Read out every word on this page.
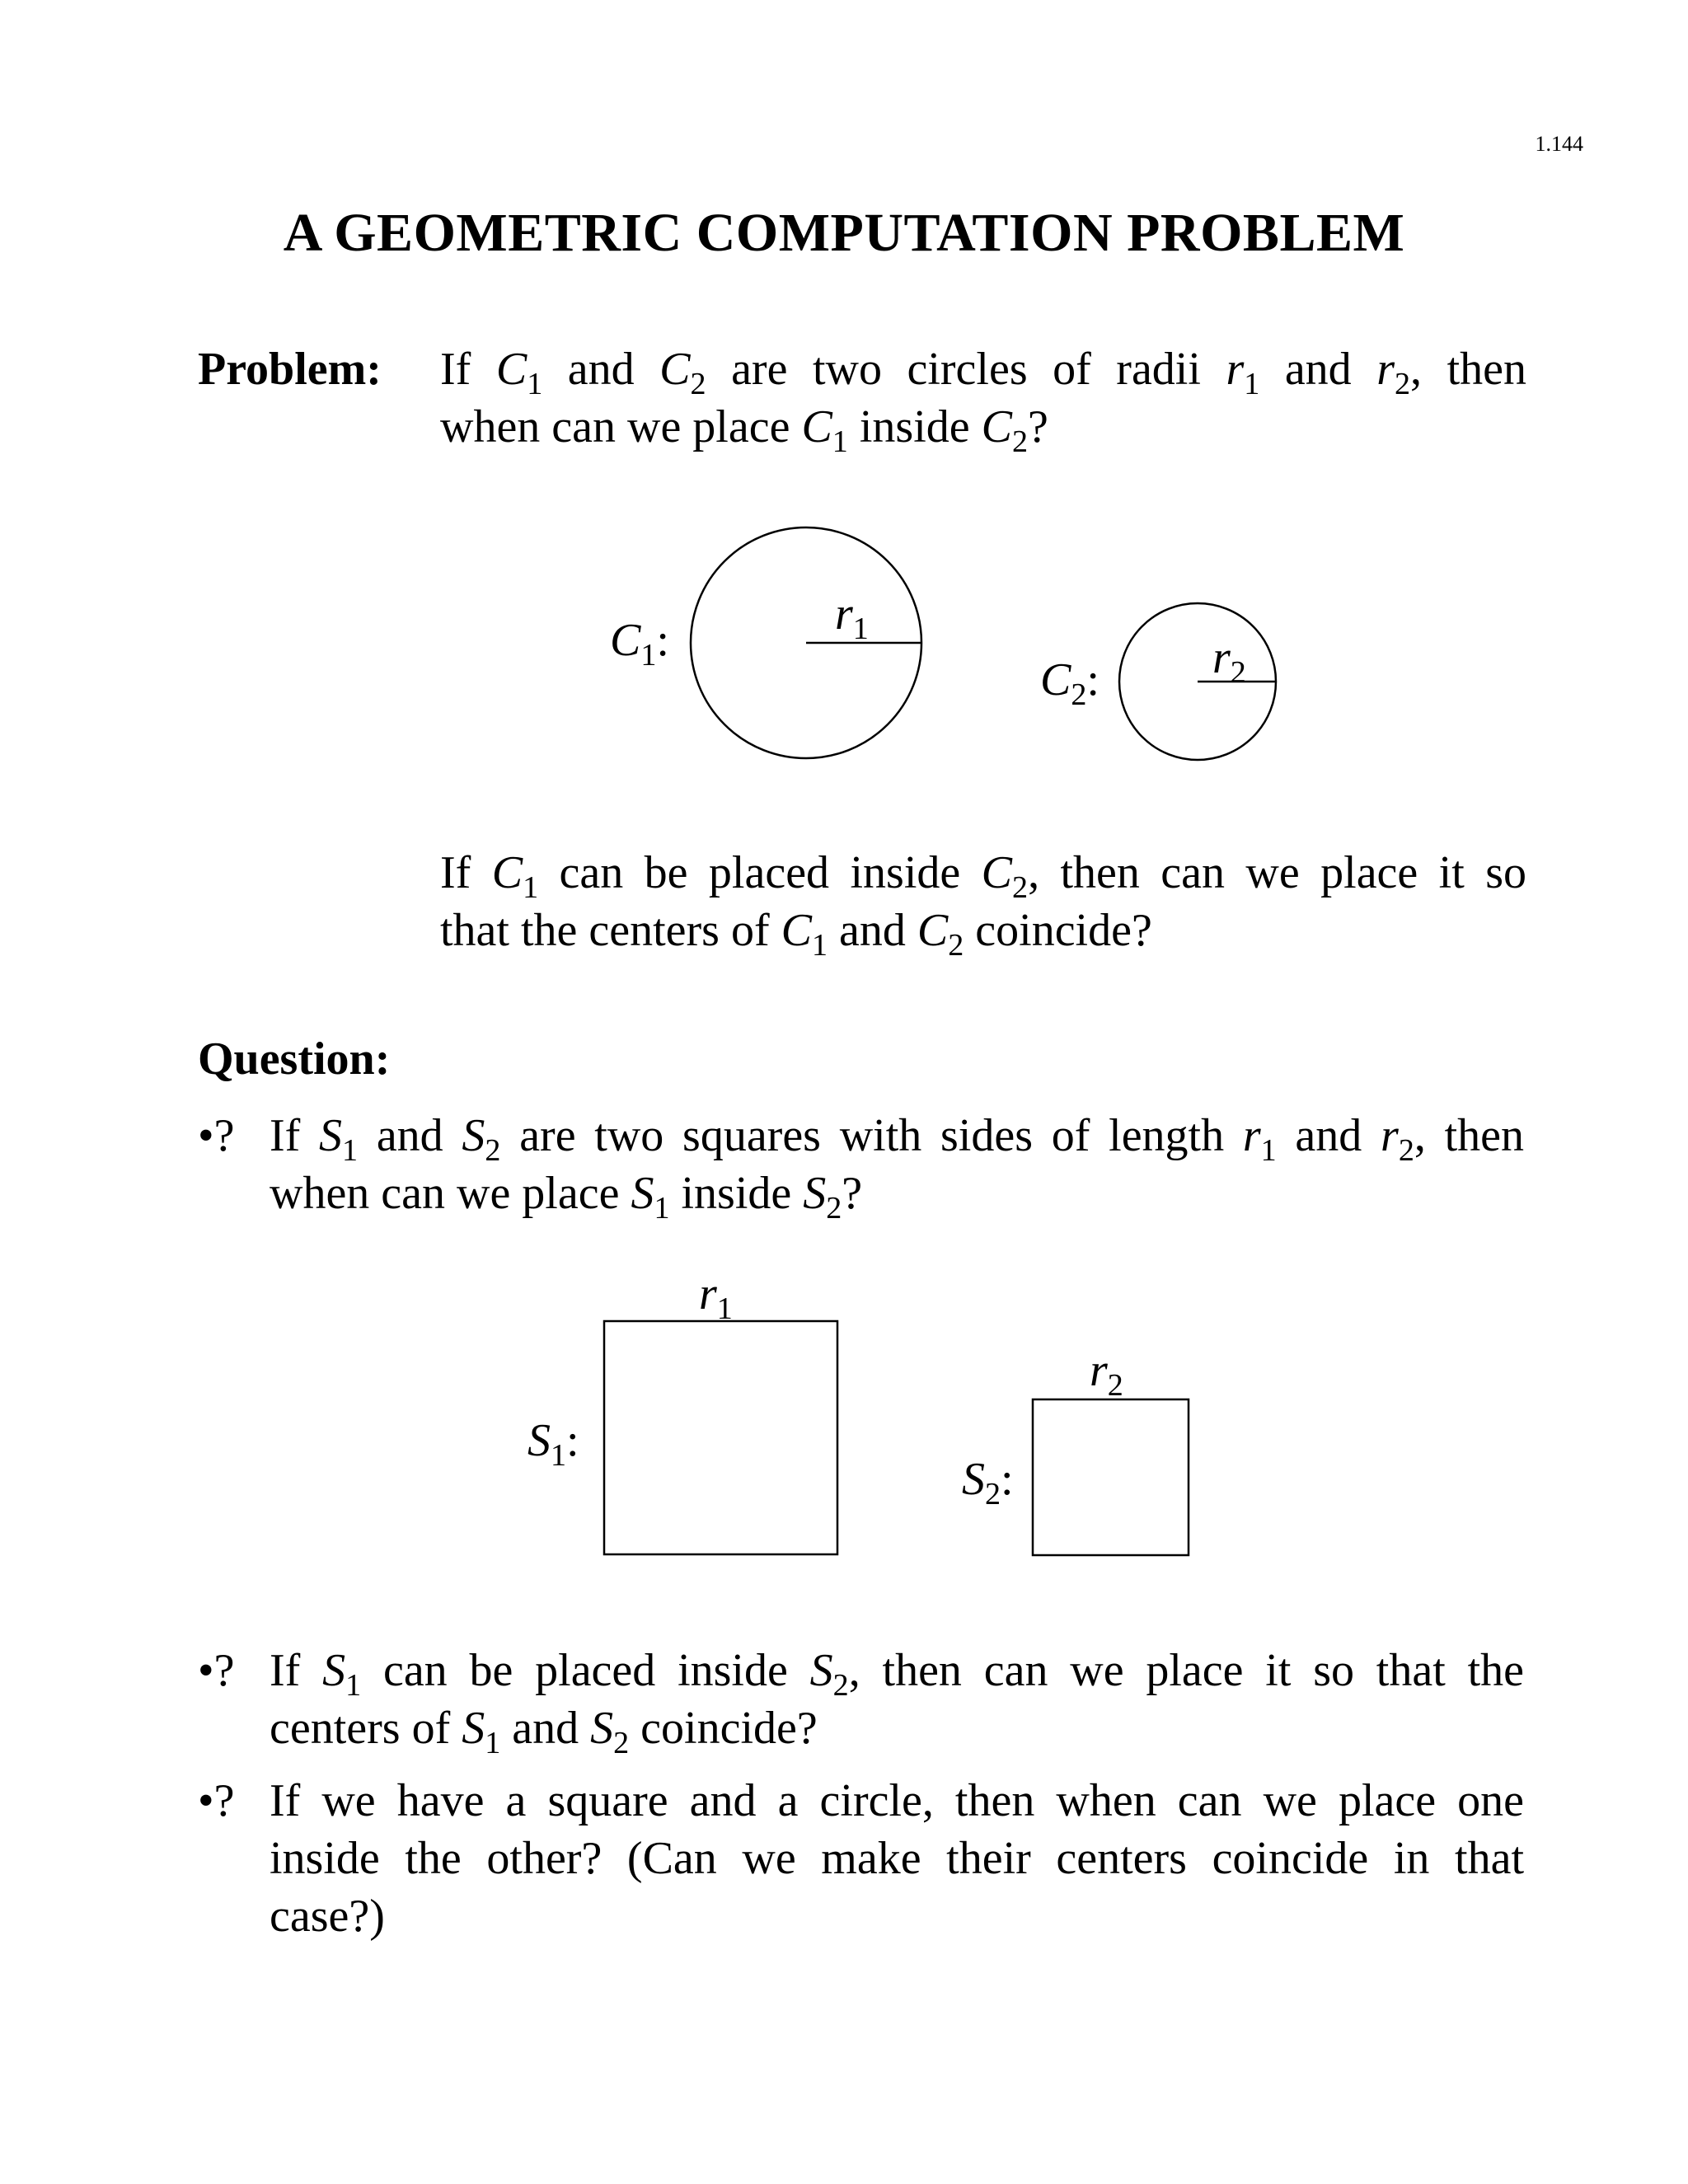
1.144
A GEOMETRIC COMPUTATION PROBLEM
Problem: If $C_1$ and $C_2$ are two circles of radii $r_1$ and $r_2$, then
when can we place $C_1$ inside $C_2$?
$C_1$:
$r_1$
$C_2$: $r_2$
If $C_1$ can be placed inside $C_2$, then can we place it so
that the centers of $C_1$ and $C_2$ coincide?
Question:
•? If $S_1$ and $S_2$ are two squares with sides of length $r_1$ and $r_2$, then
when can we place $S_1$ inside $S_2$?
$r_1$
$S_1$:
$r_2$
$S_2$:
•? If $S_1$ can be placed inside $S_2$, then can we place it so that the
centers of $S_1$ and $S_2$ coincide?
•? If we have a square and a circle, then when can we place one
inside the other? (Can we make their centers coincide in that
case?)
